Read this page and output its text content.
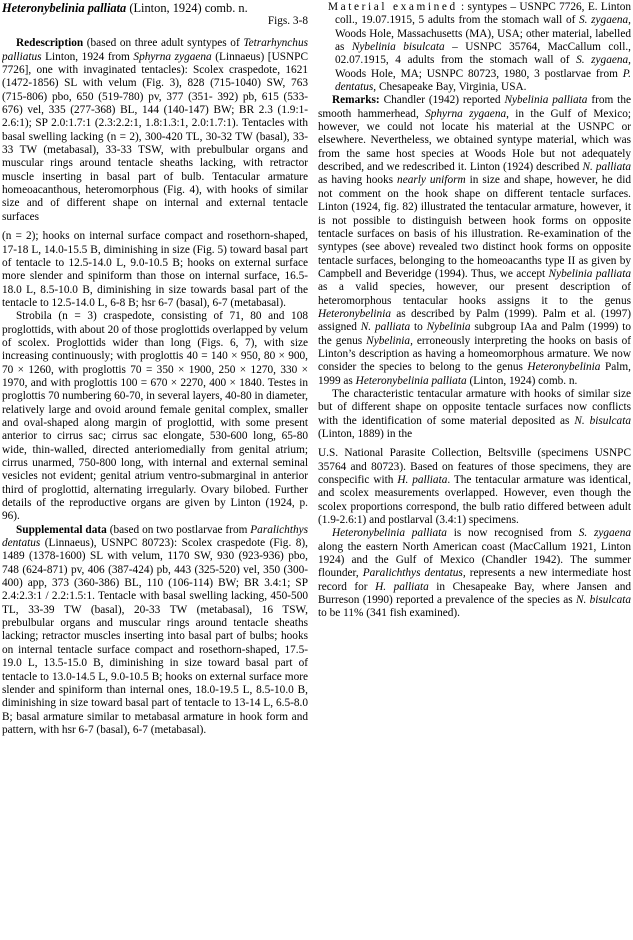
Heteronybelinia palliata (Linton, 1924) comb. n.

Figs. 3-8

Redescription (based on three adult syntypes of Tetrarhynchus palliatus Linton, 1924 from Sphyrna zygaena (Linnaeus) [USNPC 7726], one with invaginated tentacles): Scolex craspedote, 1621 (1472-1856) SL with velum (Fig. 3), 828 (715-1040) SW, 763 (715-806) pbo, 650 (519-780) pv, 377 (351- 392) pb, 615 (533-676) vel, 335 (277-368) BL, 144 (140-147) BW; BR 2.3 (1.9:1-2.6:1); SP 2.0:1.7:1 (2.3:2.2:1, 1.8:1.3:1, 2.0:1.7:1). Tentacles with basal swelling lacking (n = 2), 300-420 TL, 30-32 TW (basal), 33-33 TW (metabasal), 33-33 TSW, with prebulbular organs and muscular rings around tentacle sheaths lacking, with retractor muscle inserting in basal part of bulb. Tentacular armature homeoacanthous, heteromorphous (Fig. 4), with hooks of similar size and of different shape on internal and external tentacle surfaces

(n = 2); hooks on internal surface compact and rosethorn-shaped, 17-18 L, 14.0-15.5 B, diminishing in size (Fig. 5) toward basal part of tentacle to 12.5-14.0 L, 9.0-10.5 B; hooks on external surface more slender and spiniform than those on internal surface, 16.5-18.0 L, 8.5-10.0 B, diminishing in size towards basal part of the tentacle to 12.5-14.0 L, 6-8 B; hsr 6-7 (basal), 6-7 (metabasal).

Strobila (n = 3) craspedote, consisting of 71, 80 and 108 proglottids, with about 20 of those proglottids overlapped by velum of scolex. Proglottids wider than long (Figs. 6, 7), with size increasing continuously; with proglottis 40 = 140 × 950, 80 × 900, 70 × 1260, with proglottis 70 = 350 × 1900, 250 × 1270, 330 × 1970, and with proglottis 100 = 670 × 2270, 400 × 1840. Testes in proglottis 70 numbering 60-70, in several layers, 40-80 in diameter, relatively large and ovoid around female genital complex, smaller and oval-shaped along margin of proglottid, with some present anterior to cirrus sac; cirrus sac elongate, 530-600 long, 65-80 wide, thin-walled, directed anteriomedially from genital atrium; cirrus unarmed, 750-800 long, with internal and external seminal vesicles not evident; genital atrium ventro-submarginal in anterior third of proglottid, alternating irregularly. Ovary bilobed. Further details of the reproductive organs are given by Linton (1924, p. 96).

Supplemental data (based on two postlarvae from Paralichthys dentatus (Linnaeus), USNPC 80723): Scolex craspedote (Fig. 8), 1489 (1378-1600) SL with velum, 1170 SW, 930 (923-936) pbo, 748 (624-871) pv, 406 (387-424) pb, 443 (325-520) vel, 350 (300-400) app, 373 (360-386) BL, 110 (106-114) BW; BR 3.4:1; SP 2.4:2.3:1 / 2.2:1.5:1. Tentacle with basal swelling lacking, 450-500 TL, 33-39 TW (basal), 20-33 TW (metabasal), 16 TSW, prebulbular organs and muscular rings around tentacle sheaths lacking; retractor muscles inserting into basal part of bulbs; hooks on internal tentacle surface compact and rosethorn-shaped, 17.5-19.0 L, 13.5-15.0 B, diminishing in size toward basal part of tentacle to 13.0-14.5 L, 9.0-10.5 B; hooks on external surface more slender and spiniform than internal ones, 18.0-19.5 L, 8.5-10.0 B, diminishing in size toward basal part of tentacle to 13-14 L, 6.5-8.0 B; basal armature similar to metabasal armature in hook form and pattern, with hsr 6-7 (basal), 6-7 (metabasal).

Material examined : syntypes – USNPC 7726, E. Linton coll., 19.07.1915, 5 adults from the stomach wall of S. zygaena, Woods Hole, Massachusetts (MA), USA; other material, labelled as Nybelinia bisulcata – USNPC 35764, MacCallum coll., 02.07.1915, 4 adults from the stomach wall of S. zygaena, Woods Hole, MA; USNPC 80723, 1980, 3 postlarvae from P. dentatus, Chesapeake Bay, Virginia, USA.

Remarks: Chandler (1942) reported Nybelinia palliata from the smooth hammerhead, Sphyrna zygaena, in the Gulf of Mexico; however, we could not locate his material at the USNPC or elsewhere. Nevertheless, we obtained syntype material, which was from the same host species at Woods Hole but not adequately described, and we redescribed it. Linton (1924) described N. palliata as having hooks nearly uniform in size and shape, however, he did not comment on the hook shape on different tentacle surfaces. Linton (1924, fig. 82) illustrated the tentacular armature, however, it is not possible to distinguish between hook forms on opposite tentacle surfaces on basis of his illustration. Re-examination of the syntypes (see above) revealed two distinct hook forms on opposite tentacle surfaces, belonging to the homeoacanths type II as given by Campbell and Beveridge (1994). Thus, we accept Nybelinia palliata as a valid species, however, our present description of heteromorphous tentacular hooks assigns it to the genus Heteronybelinia as described by Palm (1999). Palm et al. (1997) assigned N. palliata to Nybelinia subgroup IAa and Palm (1999) to the genus Nybelinia, erroneously interpreting the hooks on basis of Linton’s description as having a homeomorphous armature. We now consider the species to belong to the genus Heteronybelinia Palm, 1999 as Heteronybelinia palliata (Linton, 1924) comb. n.

The characteristic tentacular armature with hooks of similar size but of different shape on opposite tentacle surfaces now conflicts with the identification of some material deposited as N. bisulcata (Linton, 1889) in the

U.S. National Parasite Collection, Beltsville (specimens USNPC 35764 and 80723). Based on features of those specimens, they are conspecific with H. palliata. The tentacular armature was identical, and scolex measurements overlapped. However, even though the scolex proportions correspond, the bulb ratio differed between adult (1.9-2.6:1) and postlarval (3.4:1) specimens.

Heteronybelinia palliata is now recognised from S. zygaena along the eastern North American coast (MacCallum 1921, Linton 1924) and the Gulf of Mexico (Chandler 1942). The summer flounder, Paralichthys dentatus, represents a new intermediate host record for H. palliata in Chesapeake Bay, where Jansen and Burreson (1990) reported a prevalence of the species as N. bisulcata to be 11% (341 fish examined).
